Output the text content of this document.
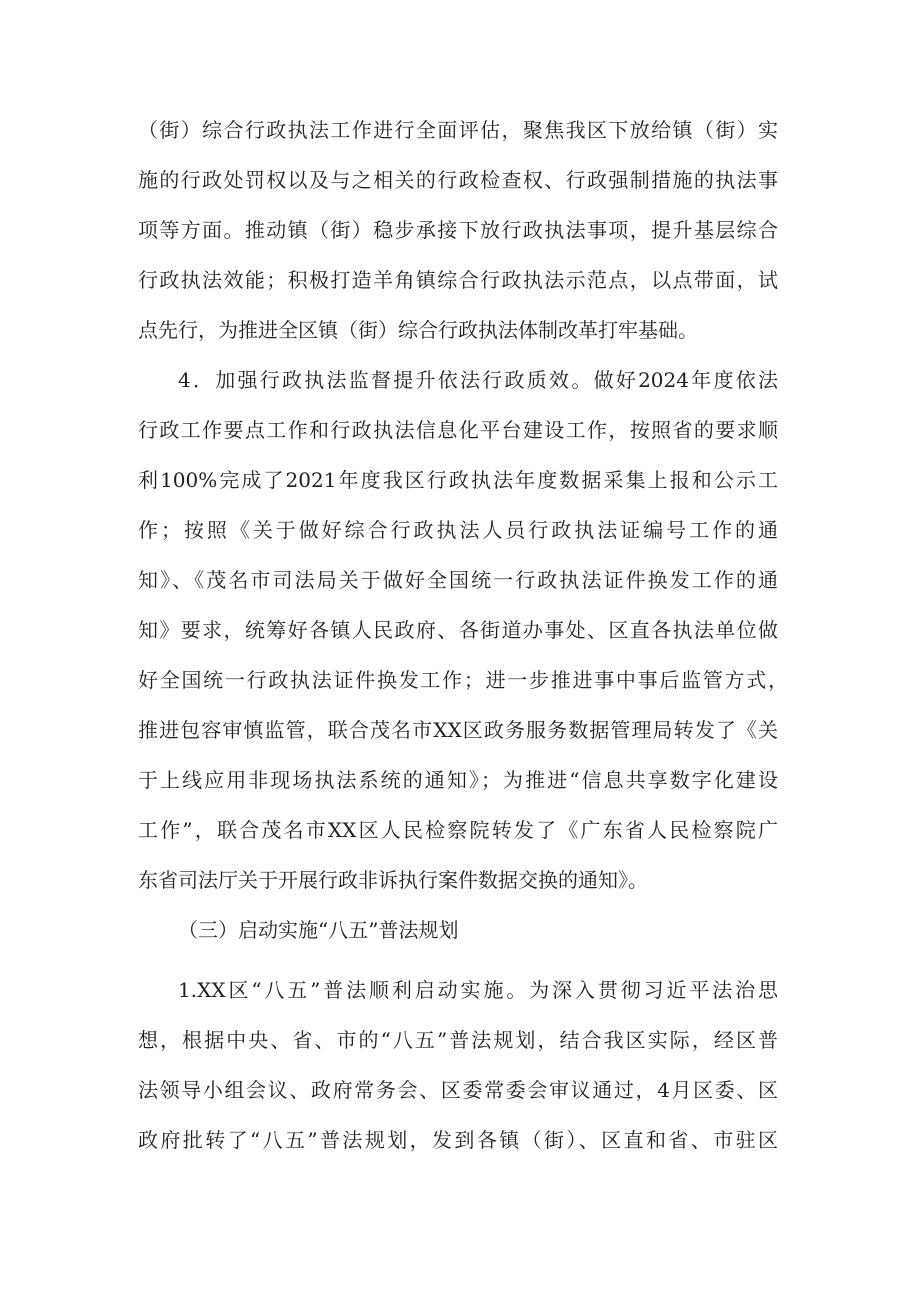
（街）综合行政执法工作进行全面评估，聚焦我区下放给镇（街）实
施的行政处罚权以及与之相关的行政检查权、行政强制措施的执法事
项等方面。推动镇（街）稳步承接下放行政执法事项，提升基层综合
行政执法效能；积极打造羊角镇综合行政执法示范点，以点带面，试
点先行，为推进全区镇（街）综合行政执法体制改革打牢基础。
4．加强行政执法监督提升依法行政质效。做好2024年度依法
行政工作要点工作和行政执法信息化平台建设工作，按照省的要求顺
利100%完成了2021年度我区行政执法年度数据采集上报和公示工
作；按照《关于做好综合行政执法人员行政执法证编号工作的通
知》、《茂名市司法局关于做好全国统一行政执法证件换发工作的通
知》要求，统筹好各镇人民政府、各街道办事处、区直各执法单位做
好全国统一行政执法证件换发工作；进一步推进事中事后监管方式，
推进包容审慎监管，联合茂名市XX区政务服务数据管理局转发了《关
于上线应用非现场执法系统的通知》；为推进“信息共享数字化建设
工作”，联合茂名市XX区人民检察院转发了《广东省人民检察院广
东省司法厅关于开展行政非诉执行案件数据交换的通知》。
（三）启动实施“八五”普法规划
1.XX区“八五”普法顺利启动实施。为深入贯彻习近平法治思
想，根据中央、省、市的“八五”普法规划，结合我区实际，经区普
法领导小组会议、政府常务会、区委常委会审议通过，4月区委、区
政府批转了“八五”普法规划，发到各镇（街）、区直和省、市驻区
